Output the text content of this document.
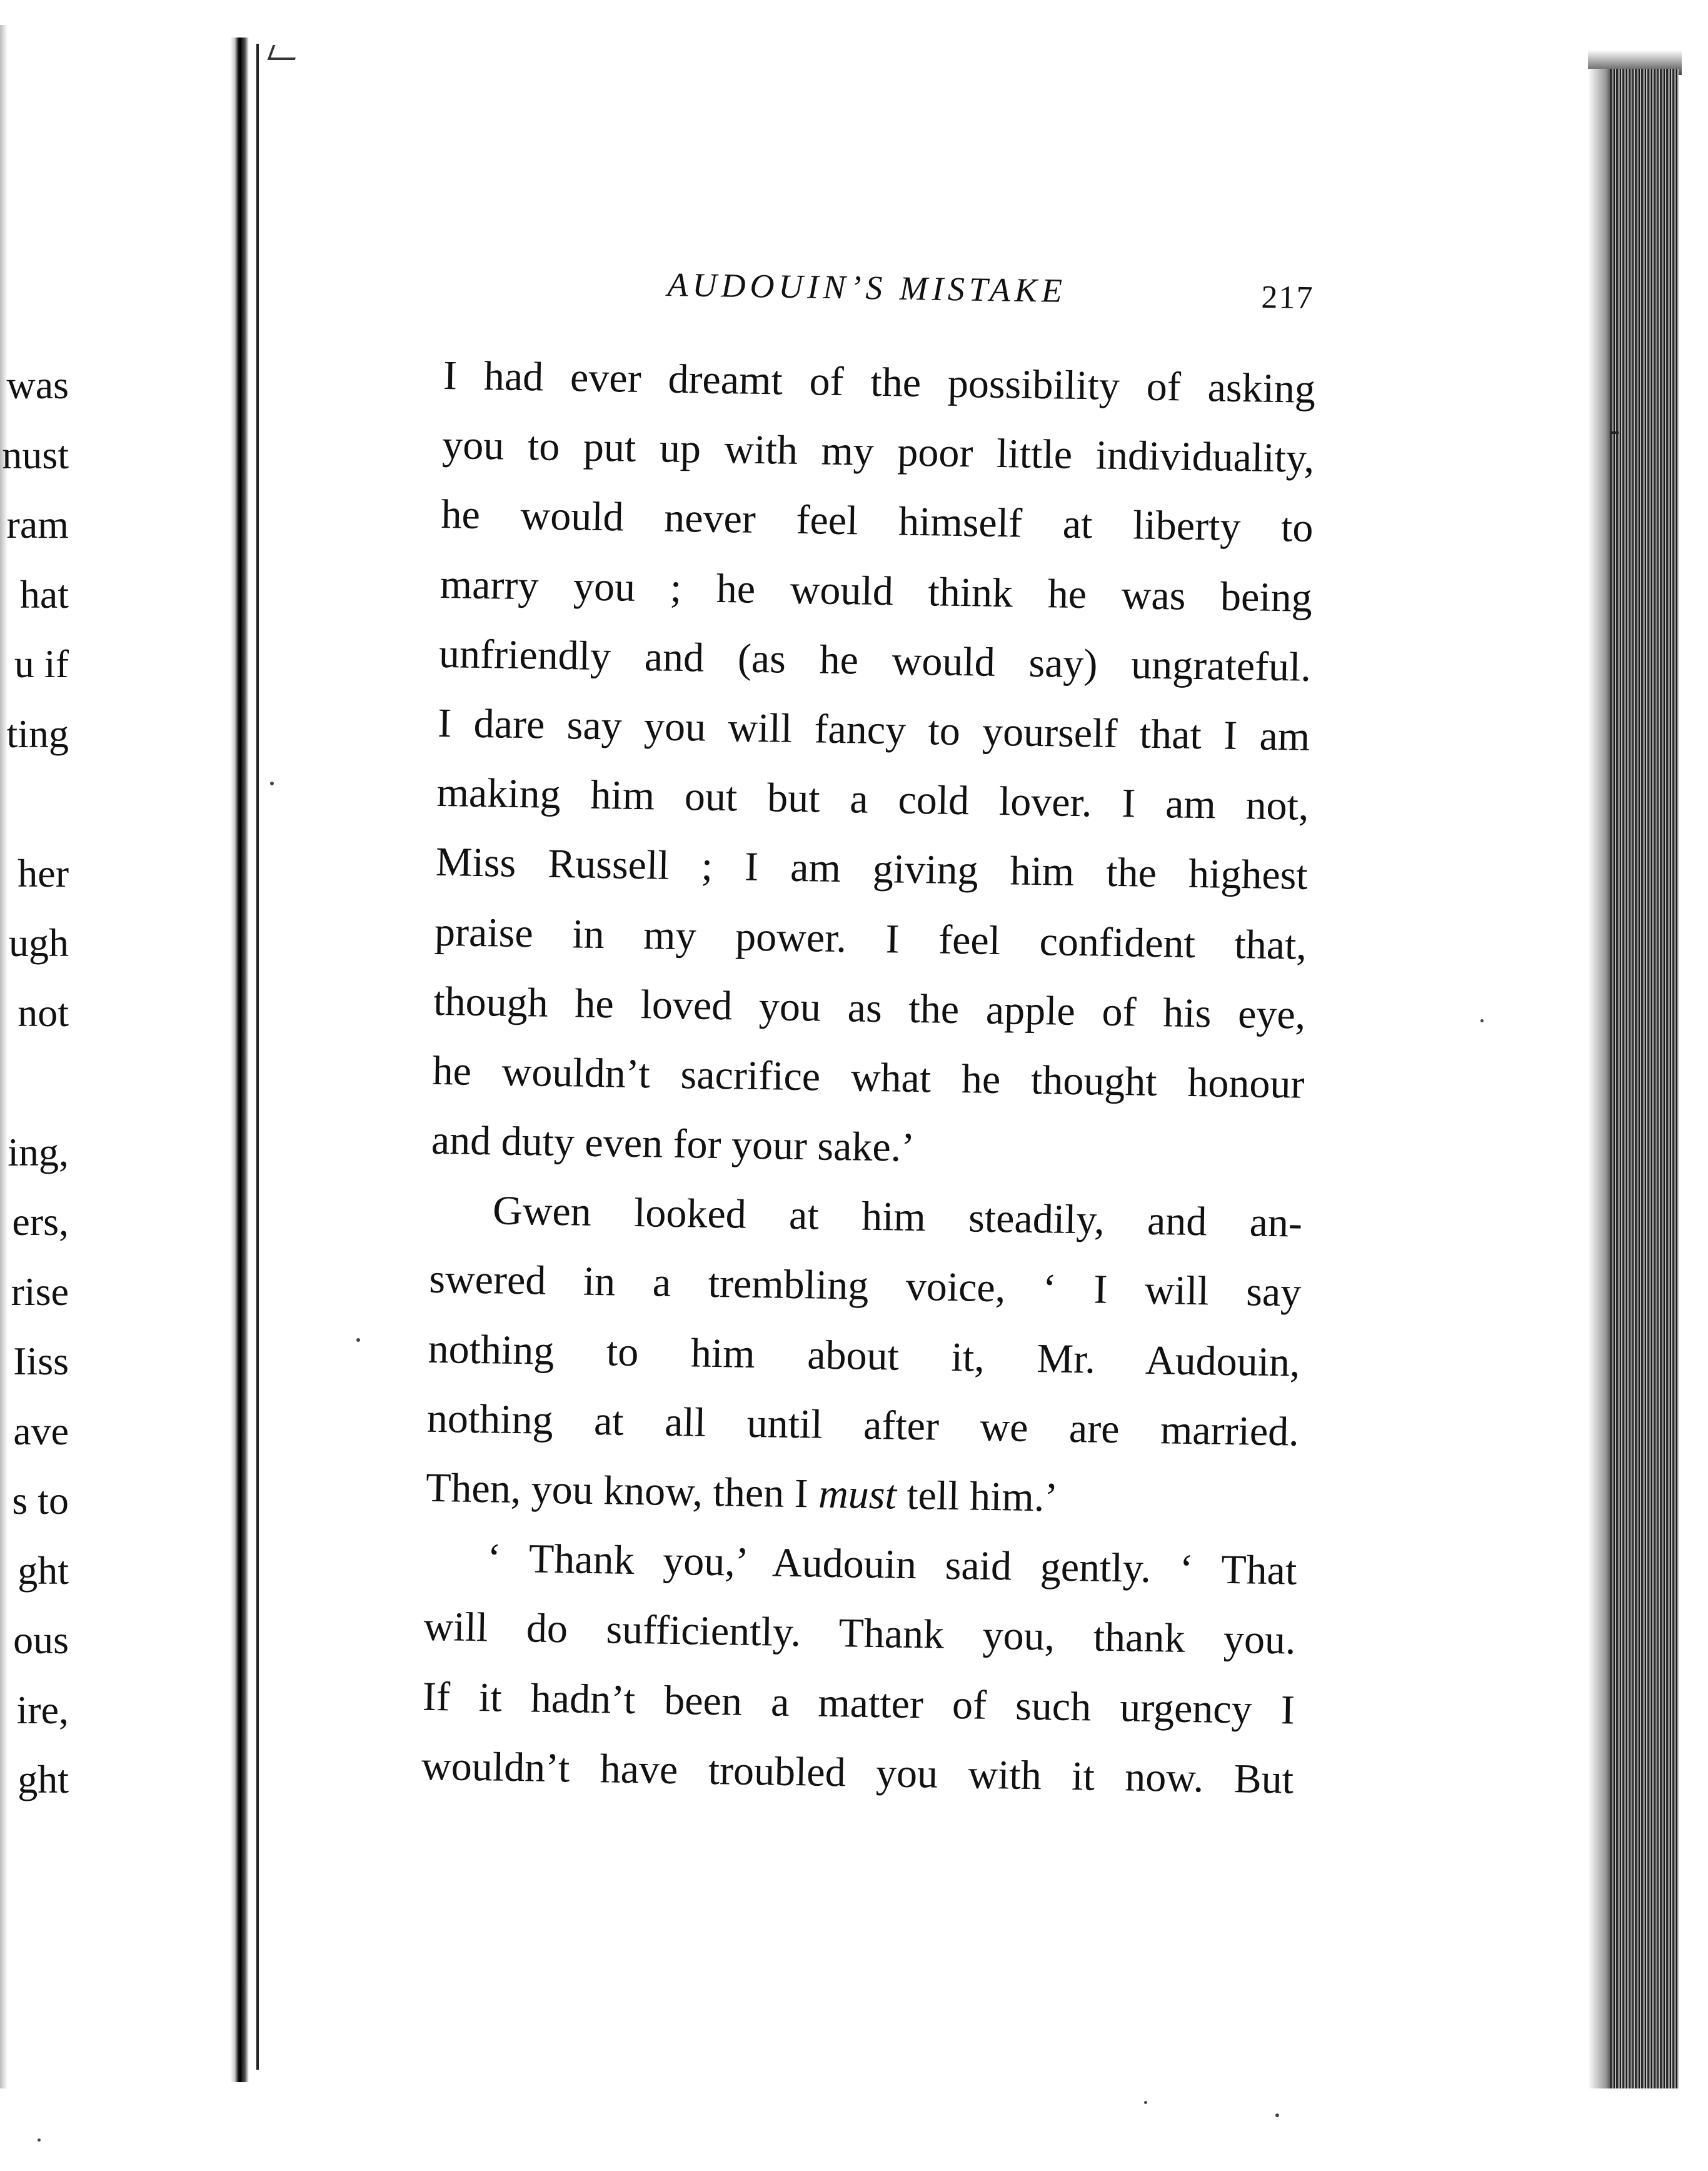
was
nust
ram
hat
u if
ting
her
ugh
not
ing,
ers,
rise
Iiss
ave
s to
ght
ous
ire,
ght
AUDOUIN’S MISTAKE	217
I had ever dreamt of the possibility of asking
you to put up with my poor little individuality,
he would never feel himself at liberty to
marry you ; he would think he was being
unfriendly and (as he would say) ungrateful.
I dare say you will fancy to yourself that I am
making him out but a cold lover. I am not,
Miss Russell ; I am giving him the highest
praise in my power. I feel confident that,
though he loved you as the apple of his eye,
he wouldn’t sacrifice what he thought honour
and duty even for your sake.’
Gwen looked at him steadily, and an-
swered in a trembling voice, ‘ I will say
nothing to him about it, Mr. Audouin,
nothing at all until after we are married.
Then, you know, then I must tell him.’
‘ Thank you,’ Audouin said gently. ‘ That
will do sufficiently. Thank you, thank you.
If it hadn’t been a matter of such urgency I
wouldn’t have troubled you with it now. But
